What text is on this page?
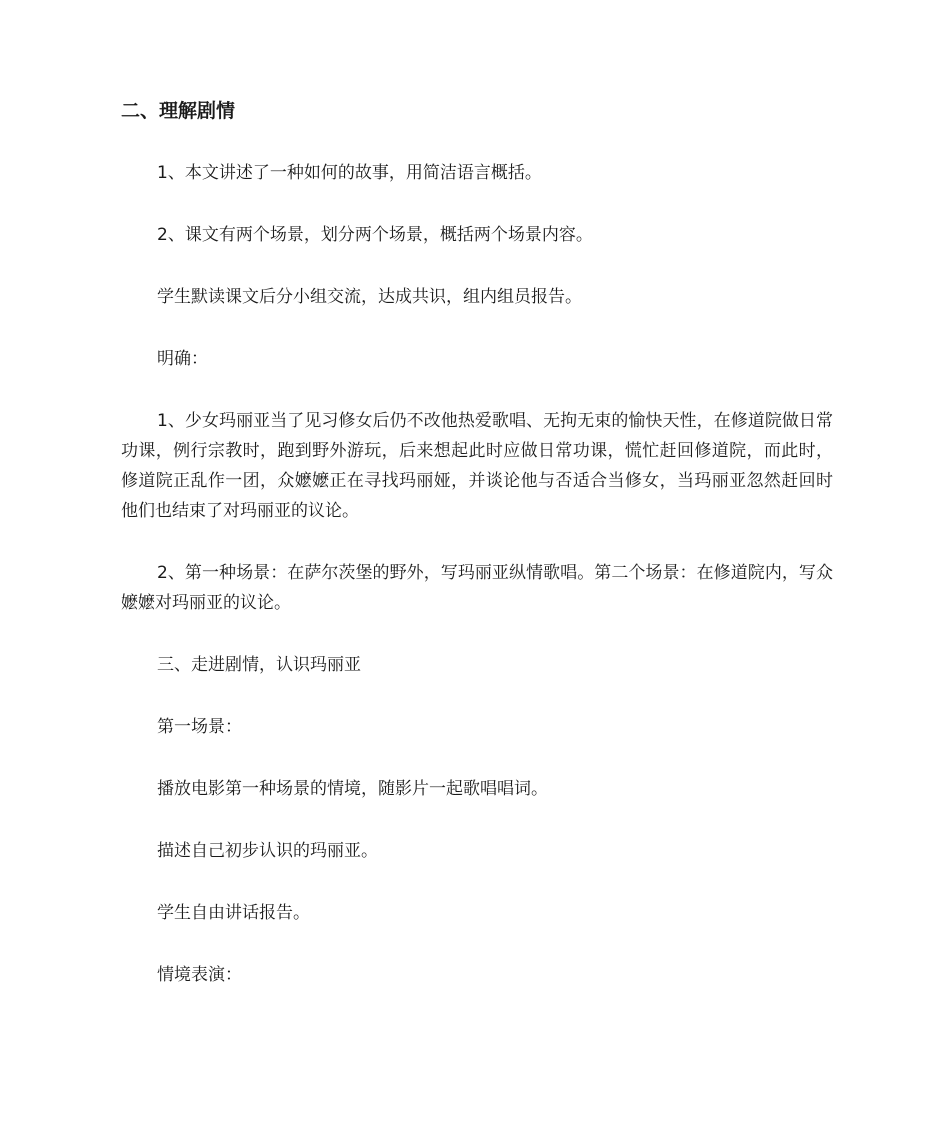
二、理解剧情

1、本文讲述了一种如何的故事，用简洁语言概括。

2、课文有两个场景，划分两个场景，概括两个场景内容。

学生默读课文后分小组交流，达成共识，组内组员报告。

明确：

1、少女玛丽亚当了见习修女后仍不改他热爱歌唱、无拘无束的愉快天性，在修道院做日常功课，例行宗教时，跑到野外游玩，后来想起此时应做日常功课，慌忙赶回修道院，而此时，修道院正乱作一团，众嬷嬷正在寻找玛丽娅，并谈论他与否适合当修女，当玛丽亚忽然赶回时他们也结束了对玛丽亚的议论。

2、第一种场景：在萨尔茨堡的野外，写玛丽亚纵情歌唱。第二个场景：在修道院内，写众嬷嬷对玛丽亚的议论。

三、走进剧情，认识玛丽亚

第一场景：

播放电影第一种场景的情境，随影片一起歌唱唱词。

描述自己初步认识的玛丽亚。

学生自由讲话报告。

情境表演：
